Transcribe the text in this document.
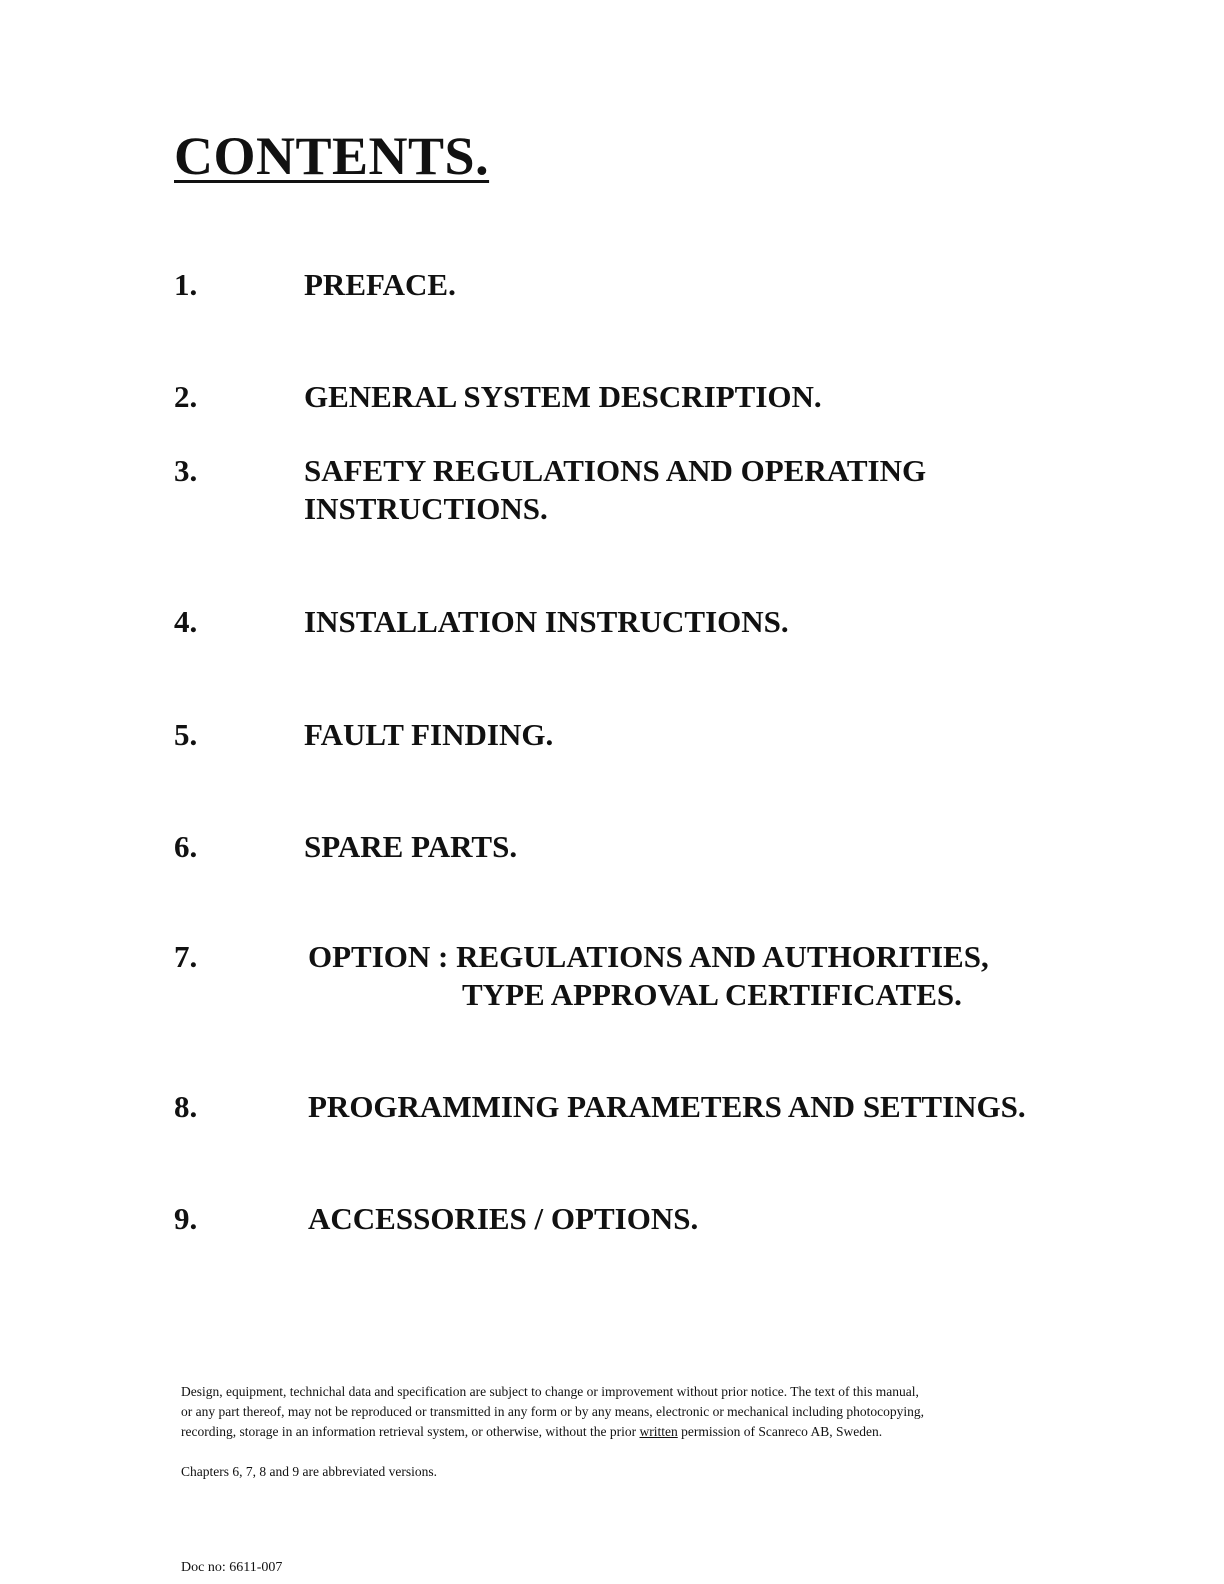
CONTENTS.
1.	PREFACE.
2.	GENERAL SYSTEM DESCRIPTION.
3.	SAFETY REGULATIONS AND OPERATING
INSTRUCTIONS.
4.	INSTALLATION INSTRUCTIONS.
5.	FAULT FINDING.
6.	SPARE PARTS.
7.	OPTION : REGULATIONS AND AUTHORITIES,
TYPE APPROVAL CERTIFICATES.
8.	PROGRAMMING PARAMETERS AND SETTINGS.
9.	ACCESSORIES / OPTIONS.
Design, equipment, technichal data and specification are subject to change or improvement without prior notice. The text of this manual,
or any part thereof, may not be reproduced or transmitted in any form or by any means, electronic or mechanical including photocopying,
recording, storage in an information retrieval system, or otherwise, without the prior written permission of Scanreco AB, Sweden.
Chapters 6, 7, 8 and 9 are abbreviated versions.
Doc no: 6611-007
